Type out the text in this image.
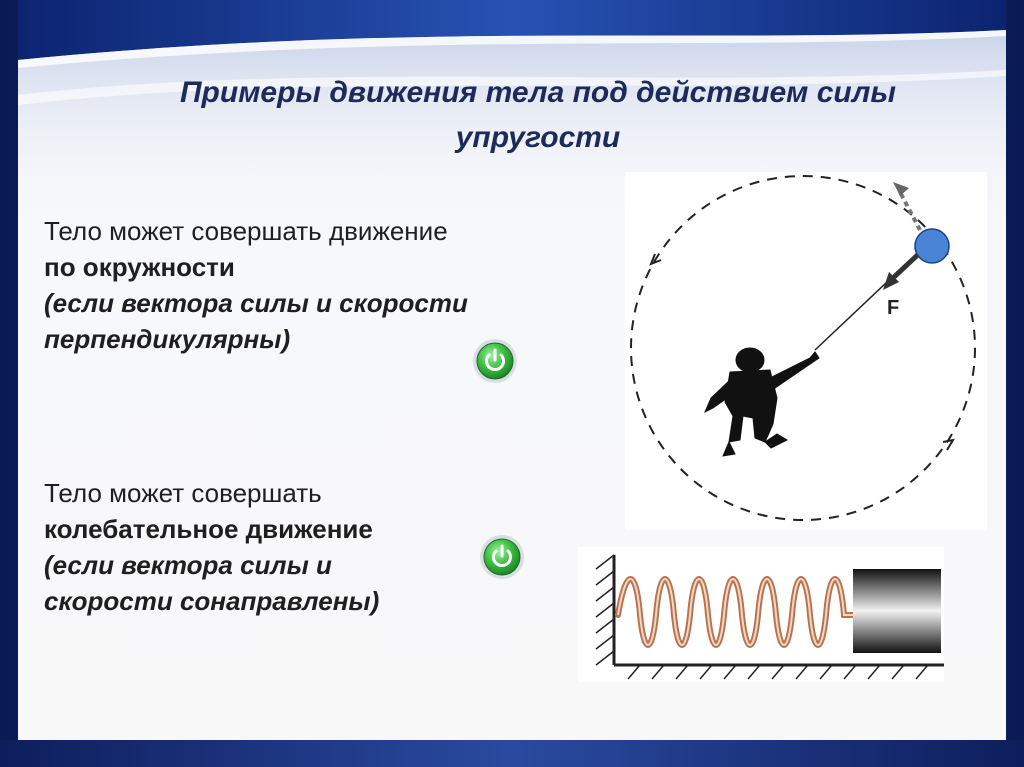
Примеры движения тела под действием силы
упругости
Тело может совершать движение
по окружности
(если вектора силы и скорости
перпендикулярны)
Тело может совершать
колебательное движение
(если вектора силы и
скорости сонаправлены)
F
